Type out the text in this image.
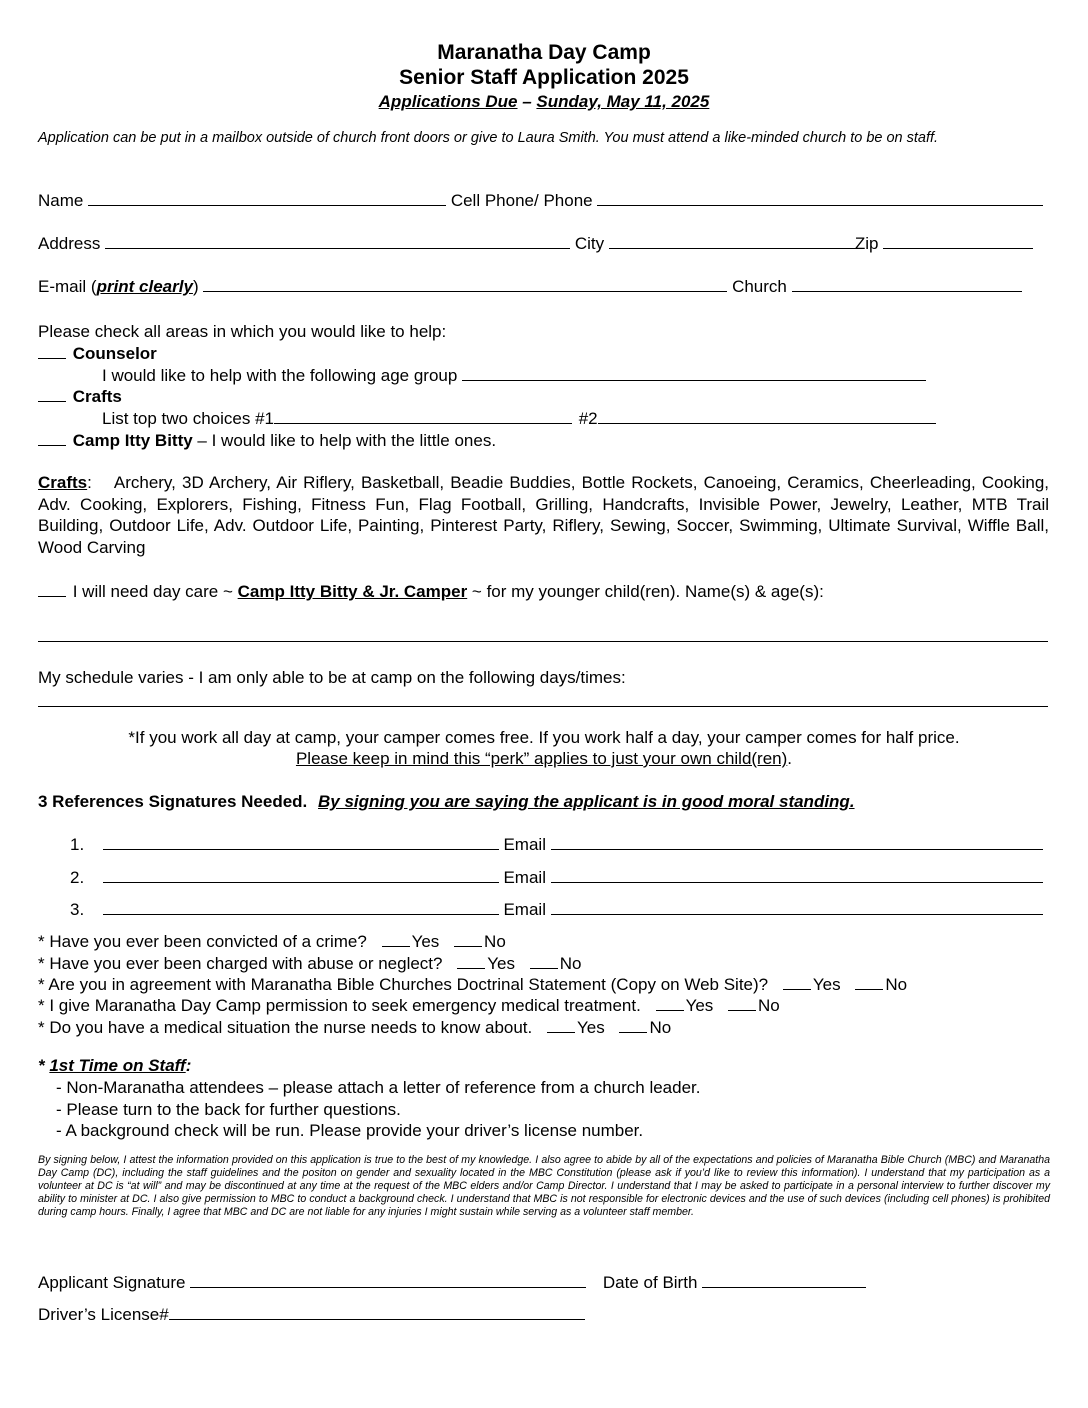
Maranatha Day Camp
Senior Staff Application 2025
Applications Due – Sunday, May 11, 2025
Application can be put in a mailbox outside of church front doors or give to Laura Smith. You must attend a like-minded church to be on staff.
Name	Cell Phone/ Phone
Address	City	Zip
E-mail (print clearly)	Church
Please check all areas in which you would like to help:
Counselor
I would like to help with the following age group
Crafts
List top two choices #1	#2
Camp Itty Bitty – I would like to help with the little ones.
Crafts: Archery, 3D Archery, Air Riflery, Basketball, Beadie Buddies, Bottle Rockets, Canoeing, Ceramics, Cheerleading, Cooking, Adv. Cooking, Explorers, Fishing, Fitness Fun, Flag Football, Grilling, Handcrafts, Invisible Power, Jewelry, Leather, MTB Trail Building, Outdoor Life, Adv. Outdoor Life, Painting, Pinterest Party, Riflery, Sewing, Soccer, Swimming, Ultimate Survival, Wiffle Ball, Wood Carving
I will need day care ~ Camp Itty Bitty & Jr. Camper ~ for my younger child(ren). Name(s) & age(s):
My schedule varies - I am only able to be at camp on the following days/times:
*If you work all day at camp, your camper comes free. If you work half a day, your camper comes for half price.
Please keep in mind this “perk” applies to just your own child(ren).
3 References Signatures Needed. By signing you are saying the applicant is in good moral standing.
1.	Email
2.	Email
3.	Email
* Have you ever been convicted of a crime?	Yes	No
* Have you ever been charged with abuse or neglect?	Yes	No
* Are you in agreement with Maranatha Bible Churches Doctrinal Statement (Copy on Web Site)?	Yes	No
* I give Maranatha Day Camp permission to seek emergency medical treatment.	Yes	No
* Do you have a medical situation the nurse needs to know about.	Yes	No
* 1st Time on Staff:
- Non-Maranatha attendees – please attach a letter of reference from a church leader.
- Please turn to the back for further questions.
- A background check will be run. Please provide your driver’s license number.
By signing below, I attest the information provided on this application is true to the best of my knowledge. I also agree to abide by all of the expectations and policies of Maranatha Bible Church (MBC) and Maranatha Day Camp (DC), including the staff guidelines and the positon on gender and sexuality located in the MBC Constitution (please ask if you’d like to review this information). I understand that my participation as a volunteer at DC is “at will” and may be discontinued at any time at the request of the MBC elders and/or Camp Director. I understand that I may be asked to participate in a personal interview to further discover my ability to minister at DC. I also give permission to MBC to conduct a background check. I understand that MBC is not responsible for electronic devices and the use of such devices (including cell phones) is prohibited during camp hours. Finally, I agree that MBC and DC are not liable for any injuries I might sustain while serving as a volunteer staff member.
Applicant Signature	Date of Birth
Driver’s License#
